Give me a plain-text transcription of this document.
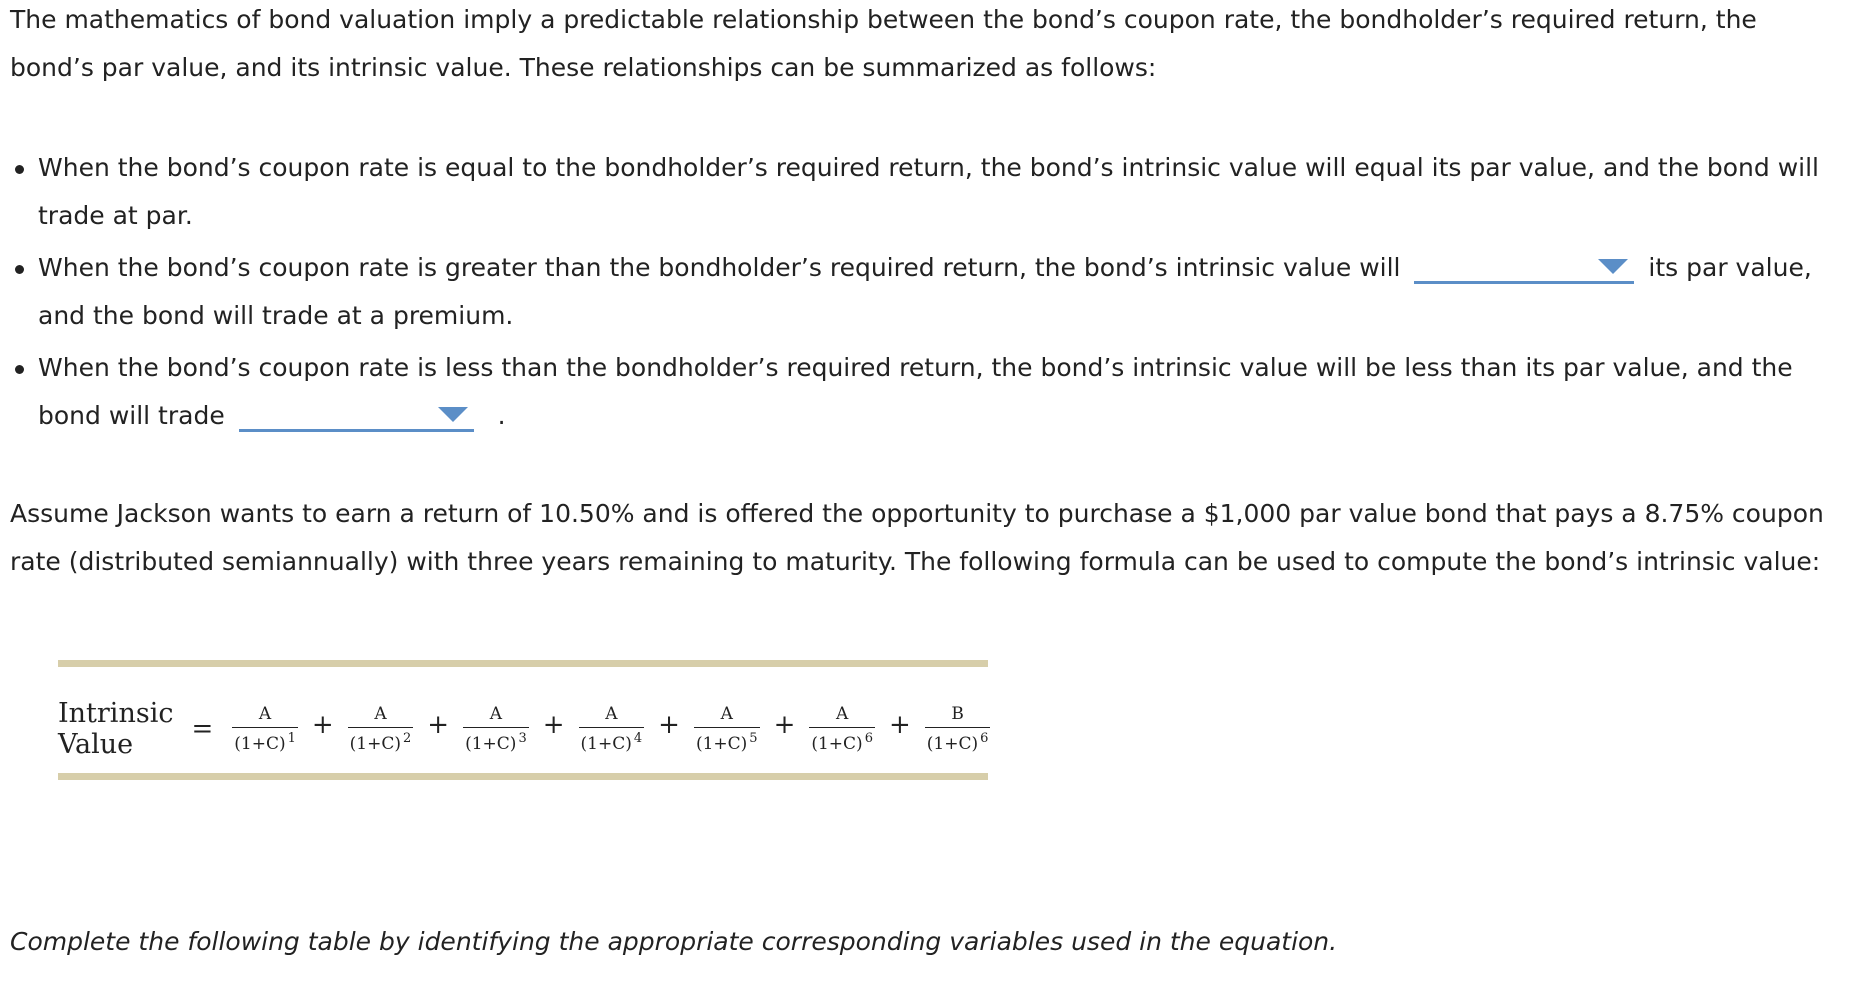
The mathematics of bond valuation imply a predictable relationship between the bond’s coupon rate, the bondholder’s required return, the bond’s par value, and its intrinsic value. These relationships can be summarized as follows:

When the bond’s coupon rate is equal to the bondholder’s required return, the bond’s intrinsic value will equal its par value, and the bond will trade at par.
When the bond’s coupon rate is greater than the bondholder’s required return, the bond’s intrinsic value will	its par value, and the bond will trade at a premium.
When the bond’s coupon rate is less than the bondholder’s required return, the bond’s intrinsic value will be less than its par value, and the bond will trade	.

Assume Jackson wants to earn a return of 10.50% and is offered the opportunity to purchase a $1,000 par value bond that pays a 8.75% coupon rate (distributed semiannually) with three years remaining to maturity. The following formula can be used to compute the bond’s intrinsic value:

Intrinsic Value	= $\frac{A}{(1+C) ^1} + \frac{A}{(1+C) ^2} + \frac{A}{(1+C) ^3} + \frac{A}{(1+C) ^4} + \frac{A}{(1+C) ^5} + \frac{A}{(1+C) ^6} + \frac{B}{(1+C) ^6}$

Complete the following table by identifying the appropriate corresponding variables used in the equation.
